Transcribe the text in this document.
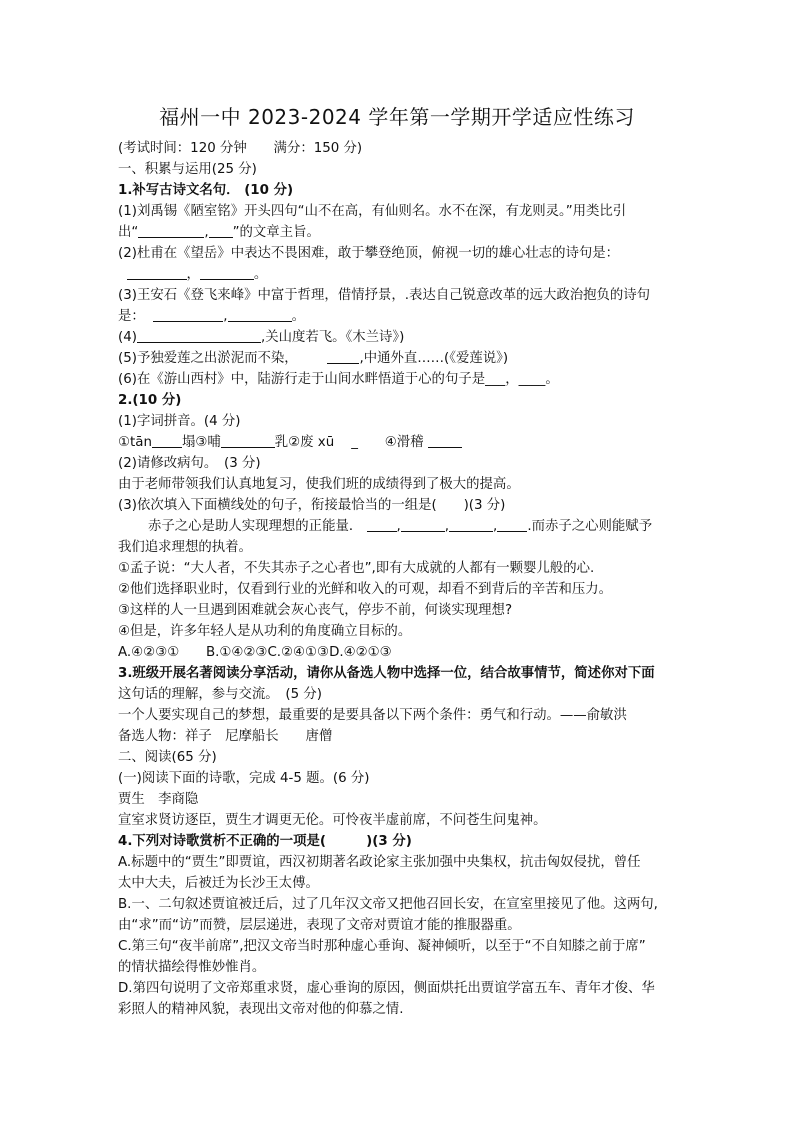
福州一中 2023-2024 学年第一学期开学适应性练习
(考试时间：120 分钟　　满分：150 分)
一、积累与运用(25 分)
1.补写古诗文名句． (10 分)
(1)刘禹锡《陋室铭》开头四句“山不在高，有仙则名。水不在深，有龙则灵。”用类比引
出“	, ”的文章主旨。
(2)杜甫在《望岳》中表达不畏困难，敢于攀登绝顶，俯视一切的雄心壮志的诗句是：
，	。
(3)王安石《登飞来峰》中富于哲理，借情抒景，.表达自己锐意改革的远大政治抱负的诗句
是：	,	。
(4)	,关山度若飞。《木兰诗》)
(5)予独爱莲之出淤泥而不染，	,中通外直……(《爱莲说》)
(6)在《游山西村》中，陆游行走于山间水畔悟道于心的句子是___，____。
2.(10 分)
(1)字词拼音。(4 分)
①tān 塌③哺	乳②废 xū _　　④滑稽
(2)请修改病句。　(3 分)
由于老师带领我们认真地复习，使我们班的成绩得到了极大的提高。
(3)依次填入下面横线处的句子，衔接最恰当的一组是(　　)(3 分)
赤子之心是助人实现理想的正能量．	,	,	, .而赤子之心则能赋予
我们追求理想的执着。
①孟子说：“大人者，不失其赤子之心者也”,即有大成就的人都有一颗婴儿般的心.
②他们选择职业时，仅看到行业的光鲜和收入的可观，却看不到背后的辛苦和压力。
③这样的人一旦遇到困难就会灰心丧气，停步不前，何谈实现理想?
④但是，许多年轻人是从功利的角度确立目标的。
A.④②③①　　B.①④②③C.②④①③D.④②①③
3.班级开展名著阅读分享活动，请你从备选人物中选择一位，结合故事情节，简述你对下面
这句话的理解，参与交流。　(5 分)
一个人要实现自己的梦想，最重要的是要具备以下两个条件：勇气和行动。——俞敏洪
备选人物：祥子　尼摩船长　　唐僧
二、阅读(65 分)
(一)阅读下面的诗歌，完成 4-5 题。(6 分)
贾生　李商隐
宣室求贤访逐臣，贾生才调更无伦。可怜夜半虚前席，不问苍生问鬼神。
4.下列对诗歌赏析不正确的一项是(　　　)(3 分)
A.标题中的“贾生”即贾谊，西汉初期著名政论家主张加强中央集权，抗击匈奴侵扰，曾任
太中大夫，后被迁为长沙王太傅。
B.一、二句叙述贾谊被迁后，过了几年汉文帝又把他召回长安，在宣室里接见了他。这两句,
由“求”而“访”而赞，层层递进，表现了文帝对贾谊才能的推服器重。
C.第三句“夜半前席”,把汉文帝当时那种虚心垂询、凝神倾听，以至于“不自知膝之前于席”
的情状描绘得惟妙惟肖。
D.第四句说明了文帝郑重求贤，虚心垂询的原因，侧面烘托出贾谊学富五车、青年才俊、华
彩照人的精神风貌，表现出文帝对他的仰慕之情.
